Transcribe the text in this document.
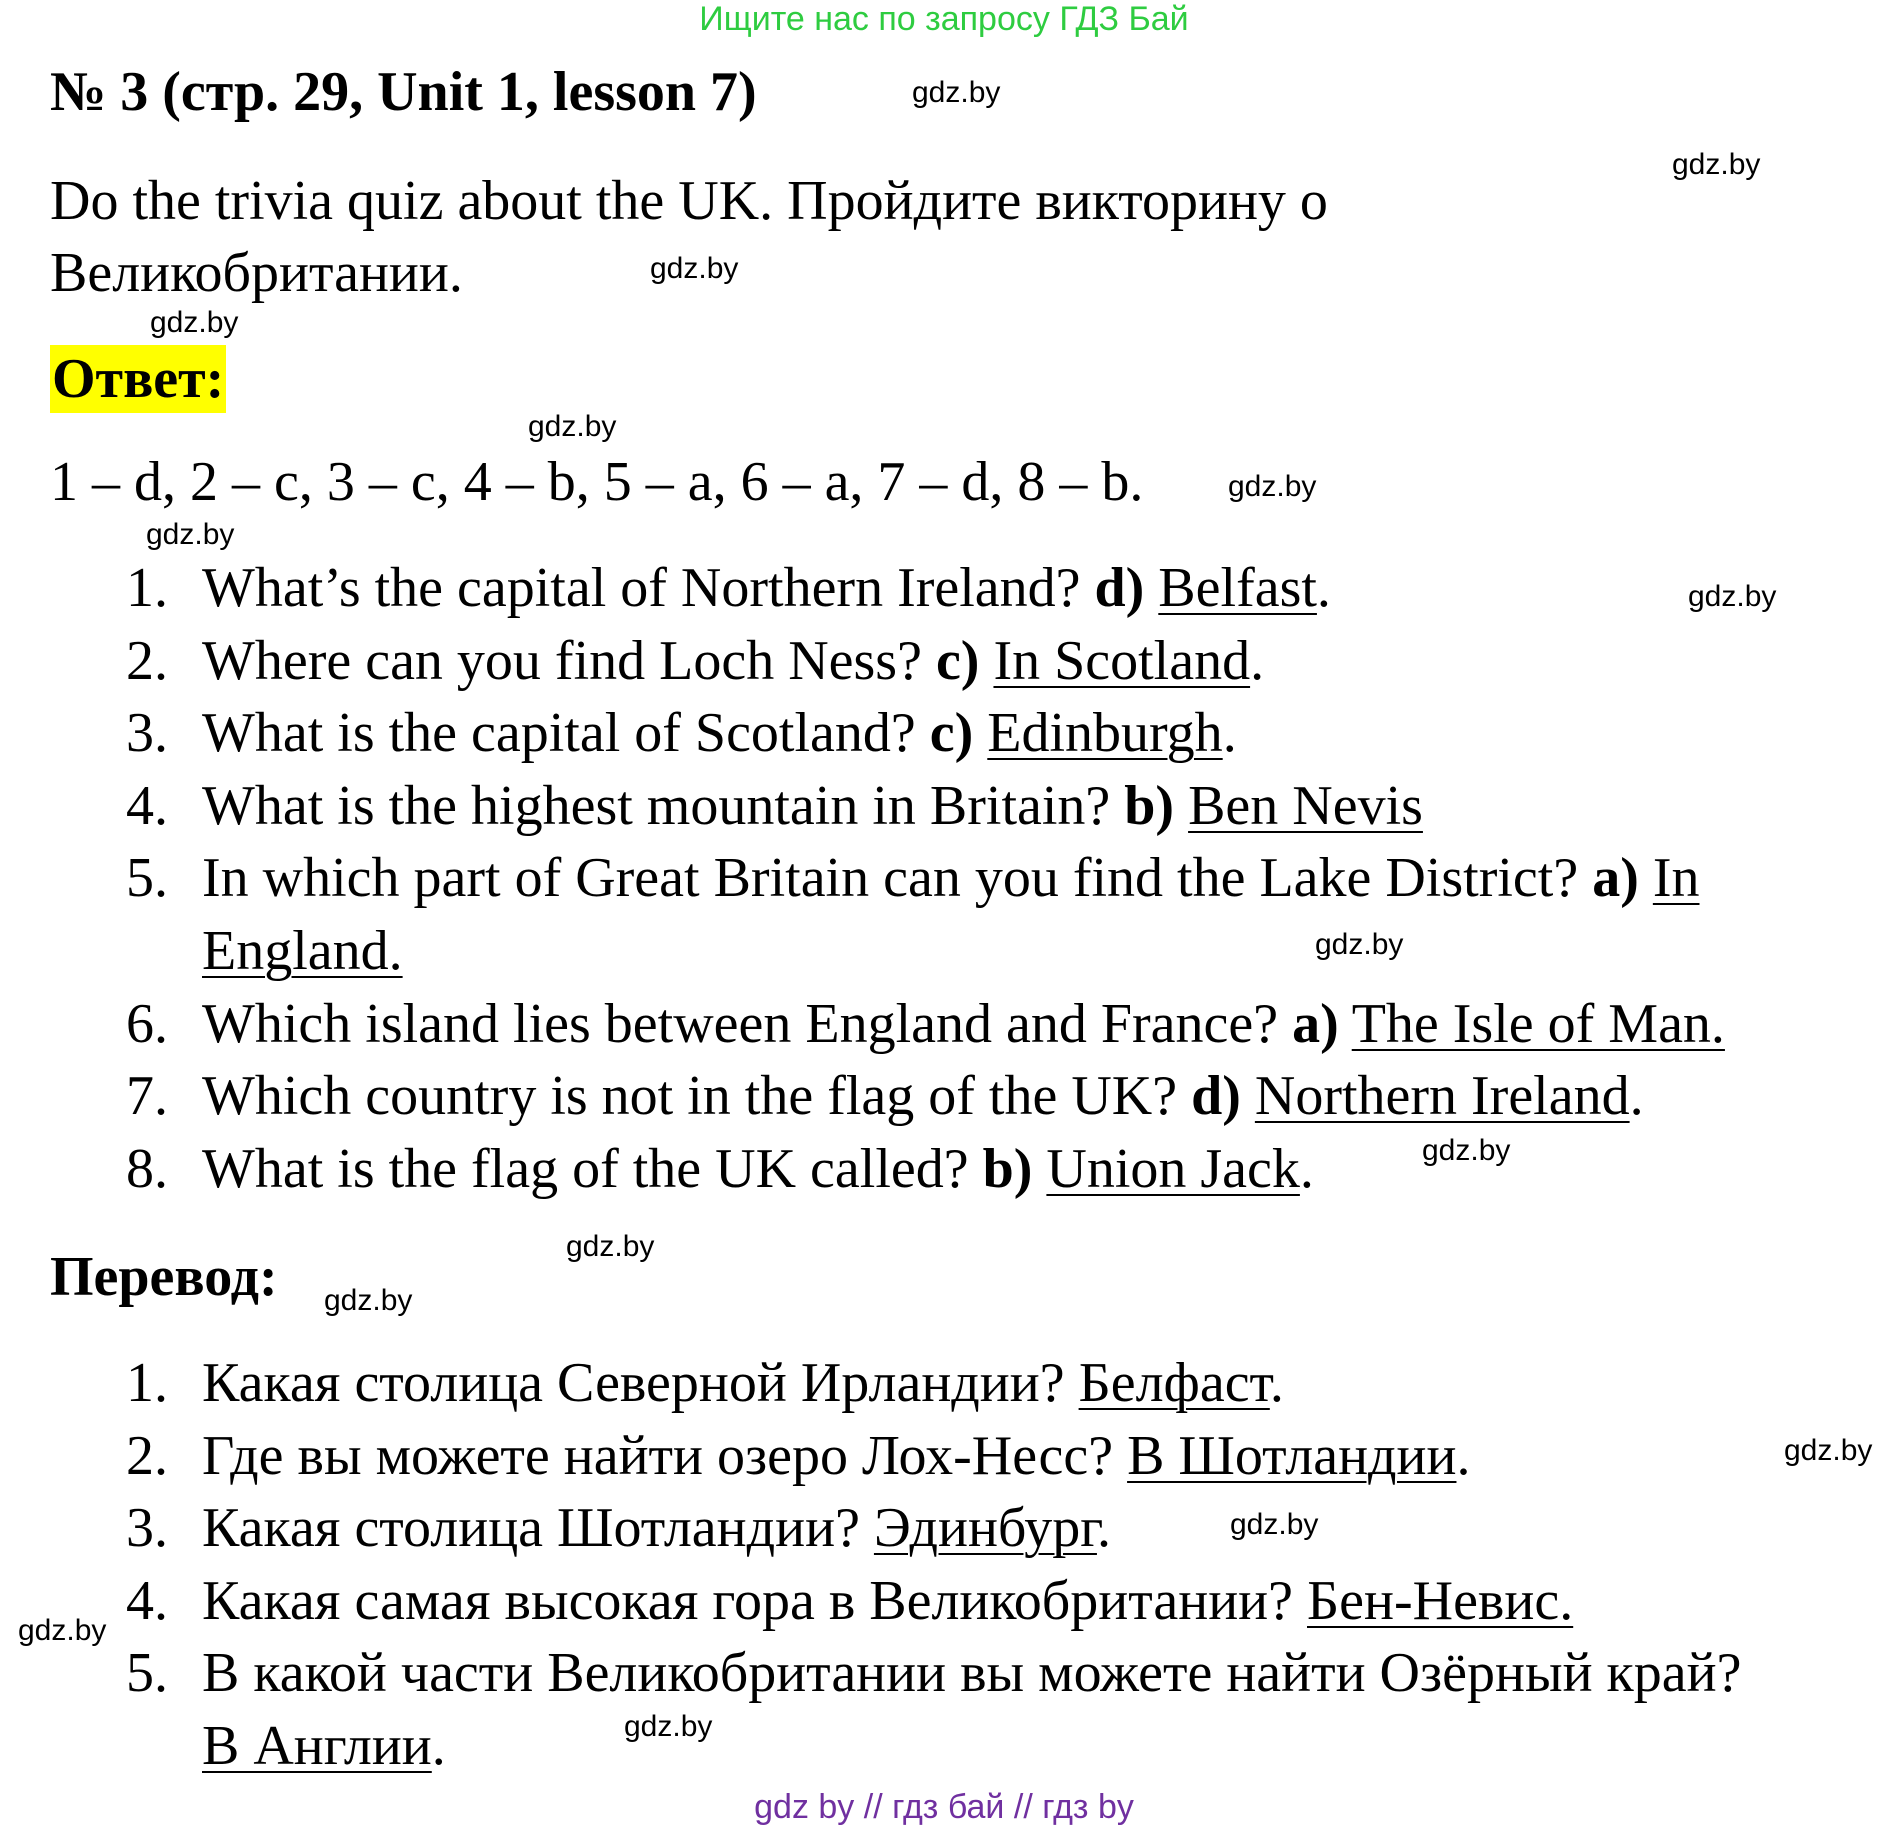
Ищите нас по запросу ГДЗ Бай
№ 3 (стр. 29, Unit 1, lesson 7)
Do the trivia quiz about the UK. Пройдите викторину о Великобритании.
Ответ:
1 – d, 2 – c, 3 – c, 4 – b, 5 – a, 6 – a, 7 – d, 8 – b.
1. What’s the capital of Northern Ireland? d) Belfast.
2. Where can you find Loch Ness? c) In Scotland.
3. What is the capital of Scotland? c) Edinburgh.
4. What is the highest mountain in Britain? b) Ben Nevis
5. In which part of Great Britain can you find the Lake District? a) In England.
6. Which island lies between England and France? a) The Isle of Man.
7. Which country is not in the flag of the UK? d) Northern Ireland.
8. What is the flag of the UK called? b) Union Jack.
Перевод:
1. Какая столица Северной Ирландии? Белфаст.
2. Где вы можете найти озеро Лох-Несс? В Шотландии.
3. Какая столица Шотландии? Эдинбург.
4. Какая самая высокая гора в Великобритании? Бен-Невис.
5. В какой части Великобритании вы можете найти Озёрный край? В Англии.
gdz.by
gdz.by
gdz.by
gdz.by
gdz.by
gdz.by
gdz.by
gdz.by
gdz.by
gdz.by
gdz.by
gdz.by
gdz.by
gdz.by
gdz.by
gdz.by
gdz by // гдз бай // гдз by
